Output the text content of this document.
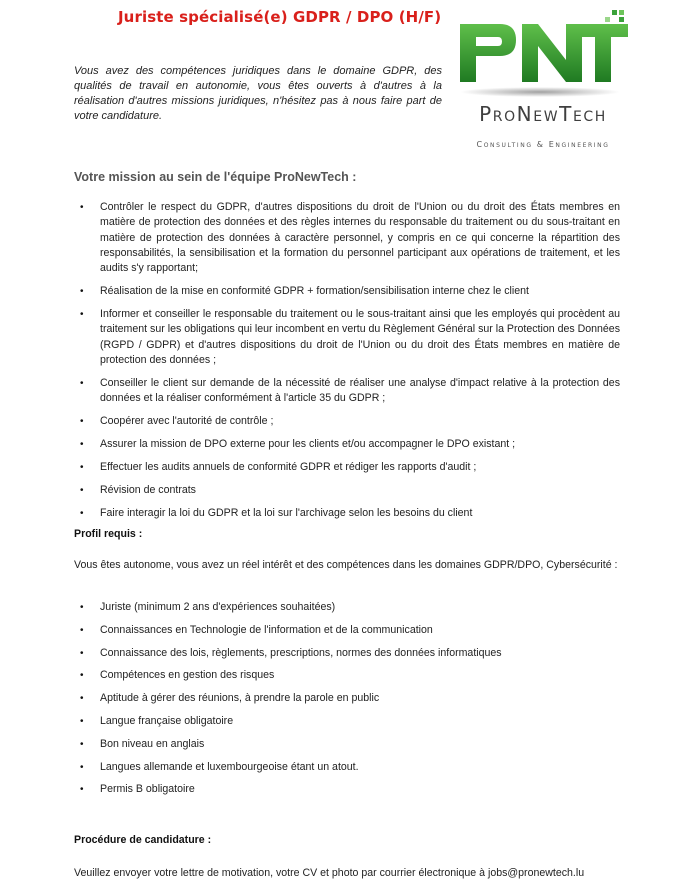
Juriste spécialisé(e) GDPR / DPO (H/F)

Vous avez des compétences juridiques dans le domaine GDPR, des qualités de travail en autonomie, vous êtes ouverts à d'autres à la réalisation d'autres missions juridiques, n'hésitez pas à nous faire part de votre candidature.	ProNewTech
Consulting & Engineering
Votre mission au sein de l'équipe ProNewTech :
• Contrôler le respect du GDPR, d'autres dispositions du droit de l'Union ou du droit des États membres en matière de protection des données et des règles internes du responsable du traitement ou du sous-traitant en matière de protection des données à caractère personnel, y compris en ce qui concerne la répartition des responsabilités, la sensibilisation et la formation du personnel participant aux opérations de traitement, et les audits s'y rapportant;
• Réalisation de la mise en conformité GDPR + formation/sensibilisation interne chez le client
• Informer et conseiller le responsable du traitement ou le sous-traitant ainsi que les employés qui procèdent au traitement sur les obligations qui leur incombent en vertu du Règlement Général sur la Protection des Données (RGPD / GDPR) et d'autres dispositions du droit de l'Union ou du droit des États membres en matière de protection des données ;
• Conseiller le client sur demande de la nécessité de réaliser une analyse d'impact relative à la protection des données et la réaliser conformément à l'article 35 du GDPR ;
• Coopérer avec l'autorité de contrôle ;
• Assurer la mission de DPO externe pour les clients et/ou accompagner le DPO existant ;
• Effectuer les audits annuels de conformité GDPR et rédiger les rapports d'audit ;
• Révision de contrats
• Faire interagir la loi du GDPR et la loi sur l'archivage selon les besoins du client

Profil requis :

Vous êtes autonome, vous avez un réel intérêt et des compétences dans les domaines GDPR/DPO, Cybersécurité :

• Juriste (minimum 2 ans d'expériences souhaitées)
• Connaissances en Technologie de l'information et de la communication
• Connaissance des lois, règlements, prescriptions, normes des données informatiques
• Compétences en gestion des risques
• Aptitude à gérer des réunions, à prendre la parole en public
• Langue française obligatoire
• Bon niveau en anglais
• Langues allemande et luxembourgeoise étant un atout.
• Permis B obligatoire

Procédure de candidature :

Veuillez envoyer votre lettre de motivation, votre CV et photo par courrier électronique à jobs@pronewtech.lu
